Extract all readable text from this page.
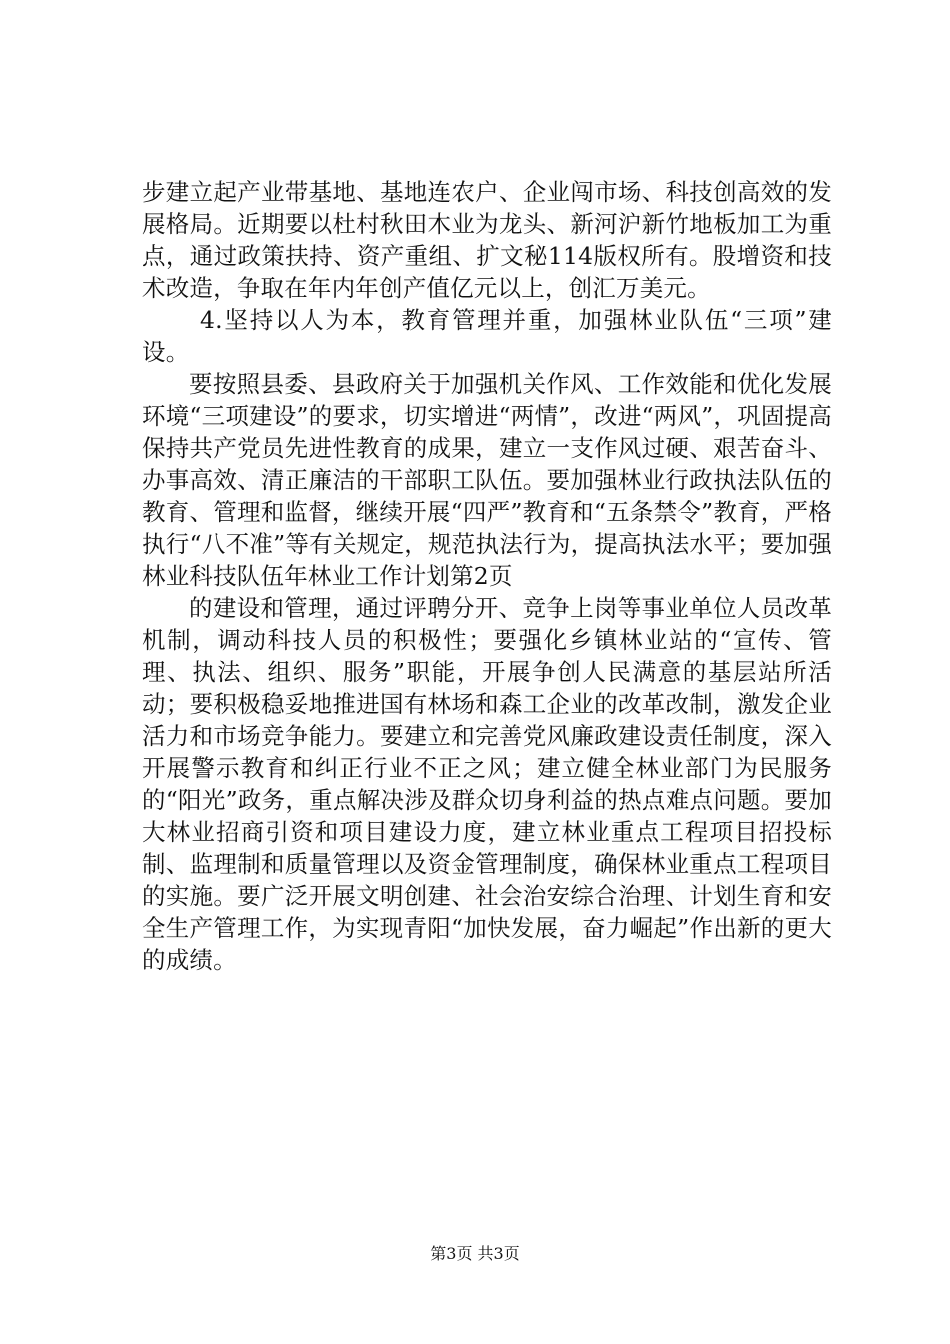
步建立起产业带基地、基地连农户、企业闯市场、科技创高效的发展格局。近期要以杜村秋田木业为龙头、新河沪新竹地板加工为重点，通过政策扶持、资产重组、扩文秘114版权所有。股增资和技术改造，争取在年内年创产值亿元以上，创汇万美元。

4.坚持以人为本，教育管理并重，加强林业队伍“三项”建设。

要按照县委、县政府关于加强机关作风、工作效能和优化发展环境“三项建设”的要求，切实增进“两情”，改进“两风”，巩固提高保持共产党员先进性教育的成果，建立一支作风过硬、艰苦奋斗、办事高效、清正廉洁的干部职工队伍。要加强林业行政执法队伍的教育、管理和监督，继续开展“四严”教育和“五条禁令”教育，严格执行“八不准”等有关规定，规范执法行为，提高执法水平；要加强林业科技队伍年林业工作计划第2页

的建设和管理，通过评聘分开、竞争上岗等事业单位人员改革机制，调动科技人员的积极性；要强化乡镇林业站的“宣传、管理、执法、组织、服务”职能，开展争创人民满意的基层站所活动；要积极稳妥地推进国有林场和森工企业的改革改制，激发企业活力和市场竞争能力。要建立和完善党风廉政建设责任制度，深入开展警示教育和纠正行业不正之风；建立健全林业部门为民服务的“阳光”政务，重点解决涉及群众切身利益的热点难点问题。要加大林业招商引资和项目建设力度，建立林业重点工程项目招投标制、监理制和质量管理以及资金管理制度，确保林业重点工程项目的实施。要广泛开展文明创建、社会治安综合治理、计划生育和安全生产管理工作，为实现青阳“加快发展，奋力崛起”作出新的更大的成绩。

第3页 共3页
